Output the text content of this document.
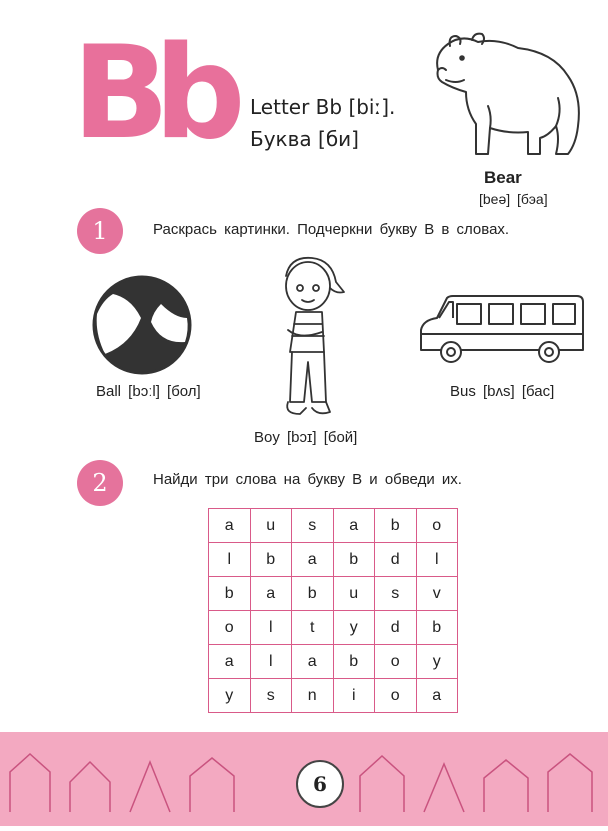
B
b Letter Bb [biː].
Буква [би]
Bear
[beə] [бэа]
1	Раскрась картинки. Подчеркни букву B в словах.
Ball [bɔːl] [бол]
Boy [bɔɪ] [бой]
Bus [bʌs] [бас]
2	Найди три слова на букву B и обведи их.
a	u	s	a	b	o
l	b	a	b	d	l
b	a	b	u	s	v
o	l	t	y	d	b
a	l	a	b	o	y
y	s	n	i	o	a
6
